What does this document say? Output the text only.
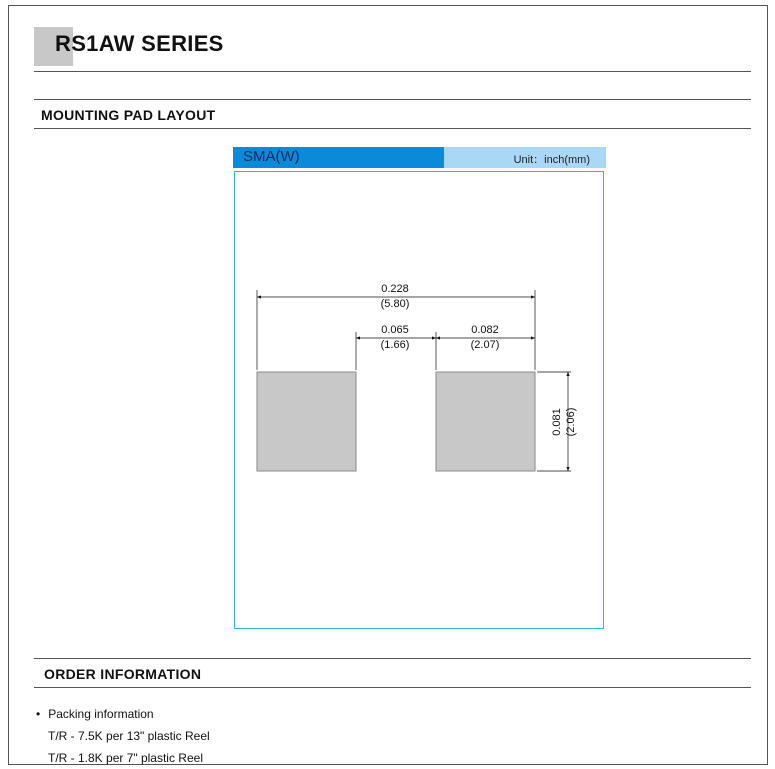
RS1AW SERIES
MOUNTING PAD LAYOUT
SMA(W)	Unit：inch(mm)
0.228
(5.80)
0.065
(1.66)
0.082
(2.07)
0.081 (2.06)
ORDER INFORMATION
• Packing information
T/R - 7.5K per 13" plastic Reel
T/R - 1.8K per 7" plastic Reel
